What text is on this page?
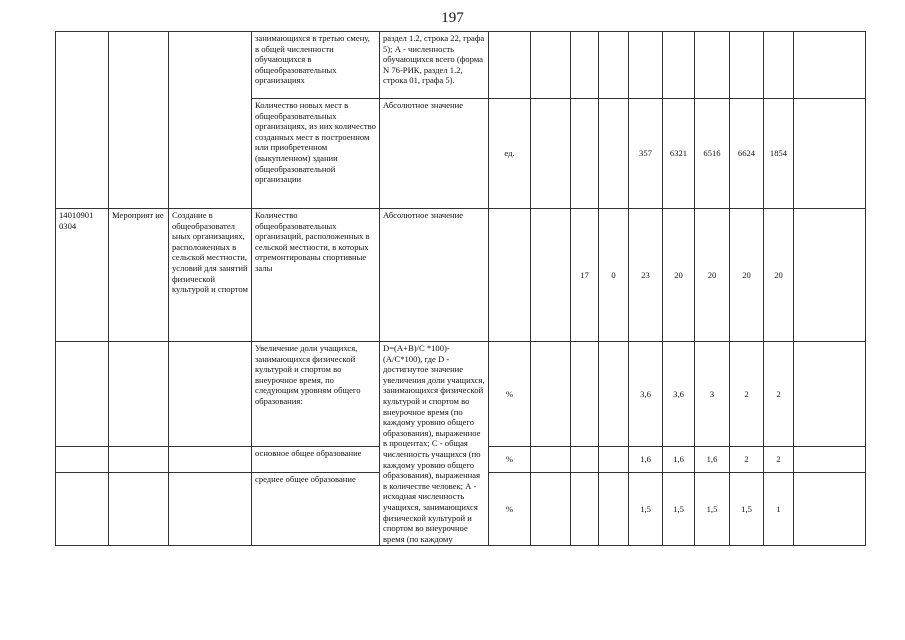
197
			занимающихся в третью смену, в общей численности обучающихся в общеобразовательных организациях	раздел 1.2, строка 22, графа 5); А - численность обучающихся всего (форма N 76-РИК, раздел 1.2, строка 01, графа 5).											
			Количество новых мест в общеобразовательных организациях, из них количество созданных мест в построенном или приобретенном (выкупленном) здании общеобразовательной организации	Абсолютное значение	ед.				357	6321	6516	6624	1854		
14010901 0304	Мероприят ие	Создание в общеобразовател ьных организациях, расположенных в сельской местности, условий для занятий физической культурой и спортом	Количество общеобразовательных организаций, расположенных в сельской местности, в которых отремонтированы спортивные залы	Абсолютное значение			17	0	23	20	20	20	20		
			Увеличение доли учащихся, занимающихся физической культурой и спортом во внеурочное время, по следующим уровням общего образования:	D=(A+B)/C *100)-(A/C*100), где D - достигнутое значение увеличения доли учащихся, занимающихся физической культурой и спортом во внеурочное время (по каждому уровню общего образования), выраженное в процентах; С - общая численность учащихся (по каждому уровню общего образования), выраженная в количестве человек; А - исходная численность учащихся, занимающихся физической культурой и спортом во внеурочное время (по каждому	%				3,6	3,6	3	2	2		
			основное общее образование		%				1,6	1,6	1,6	2	2		
			среднее общее образование		%				1,5	1,5	1,5	1,5	1		
